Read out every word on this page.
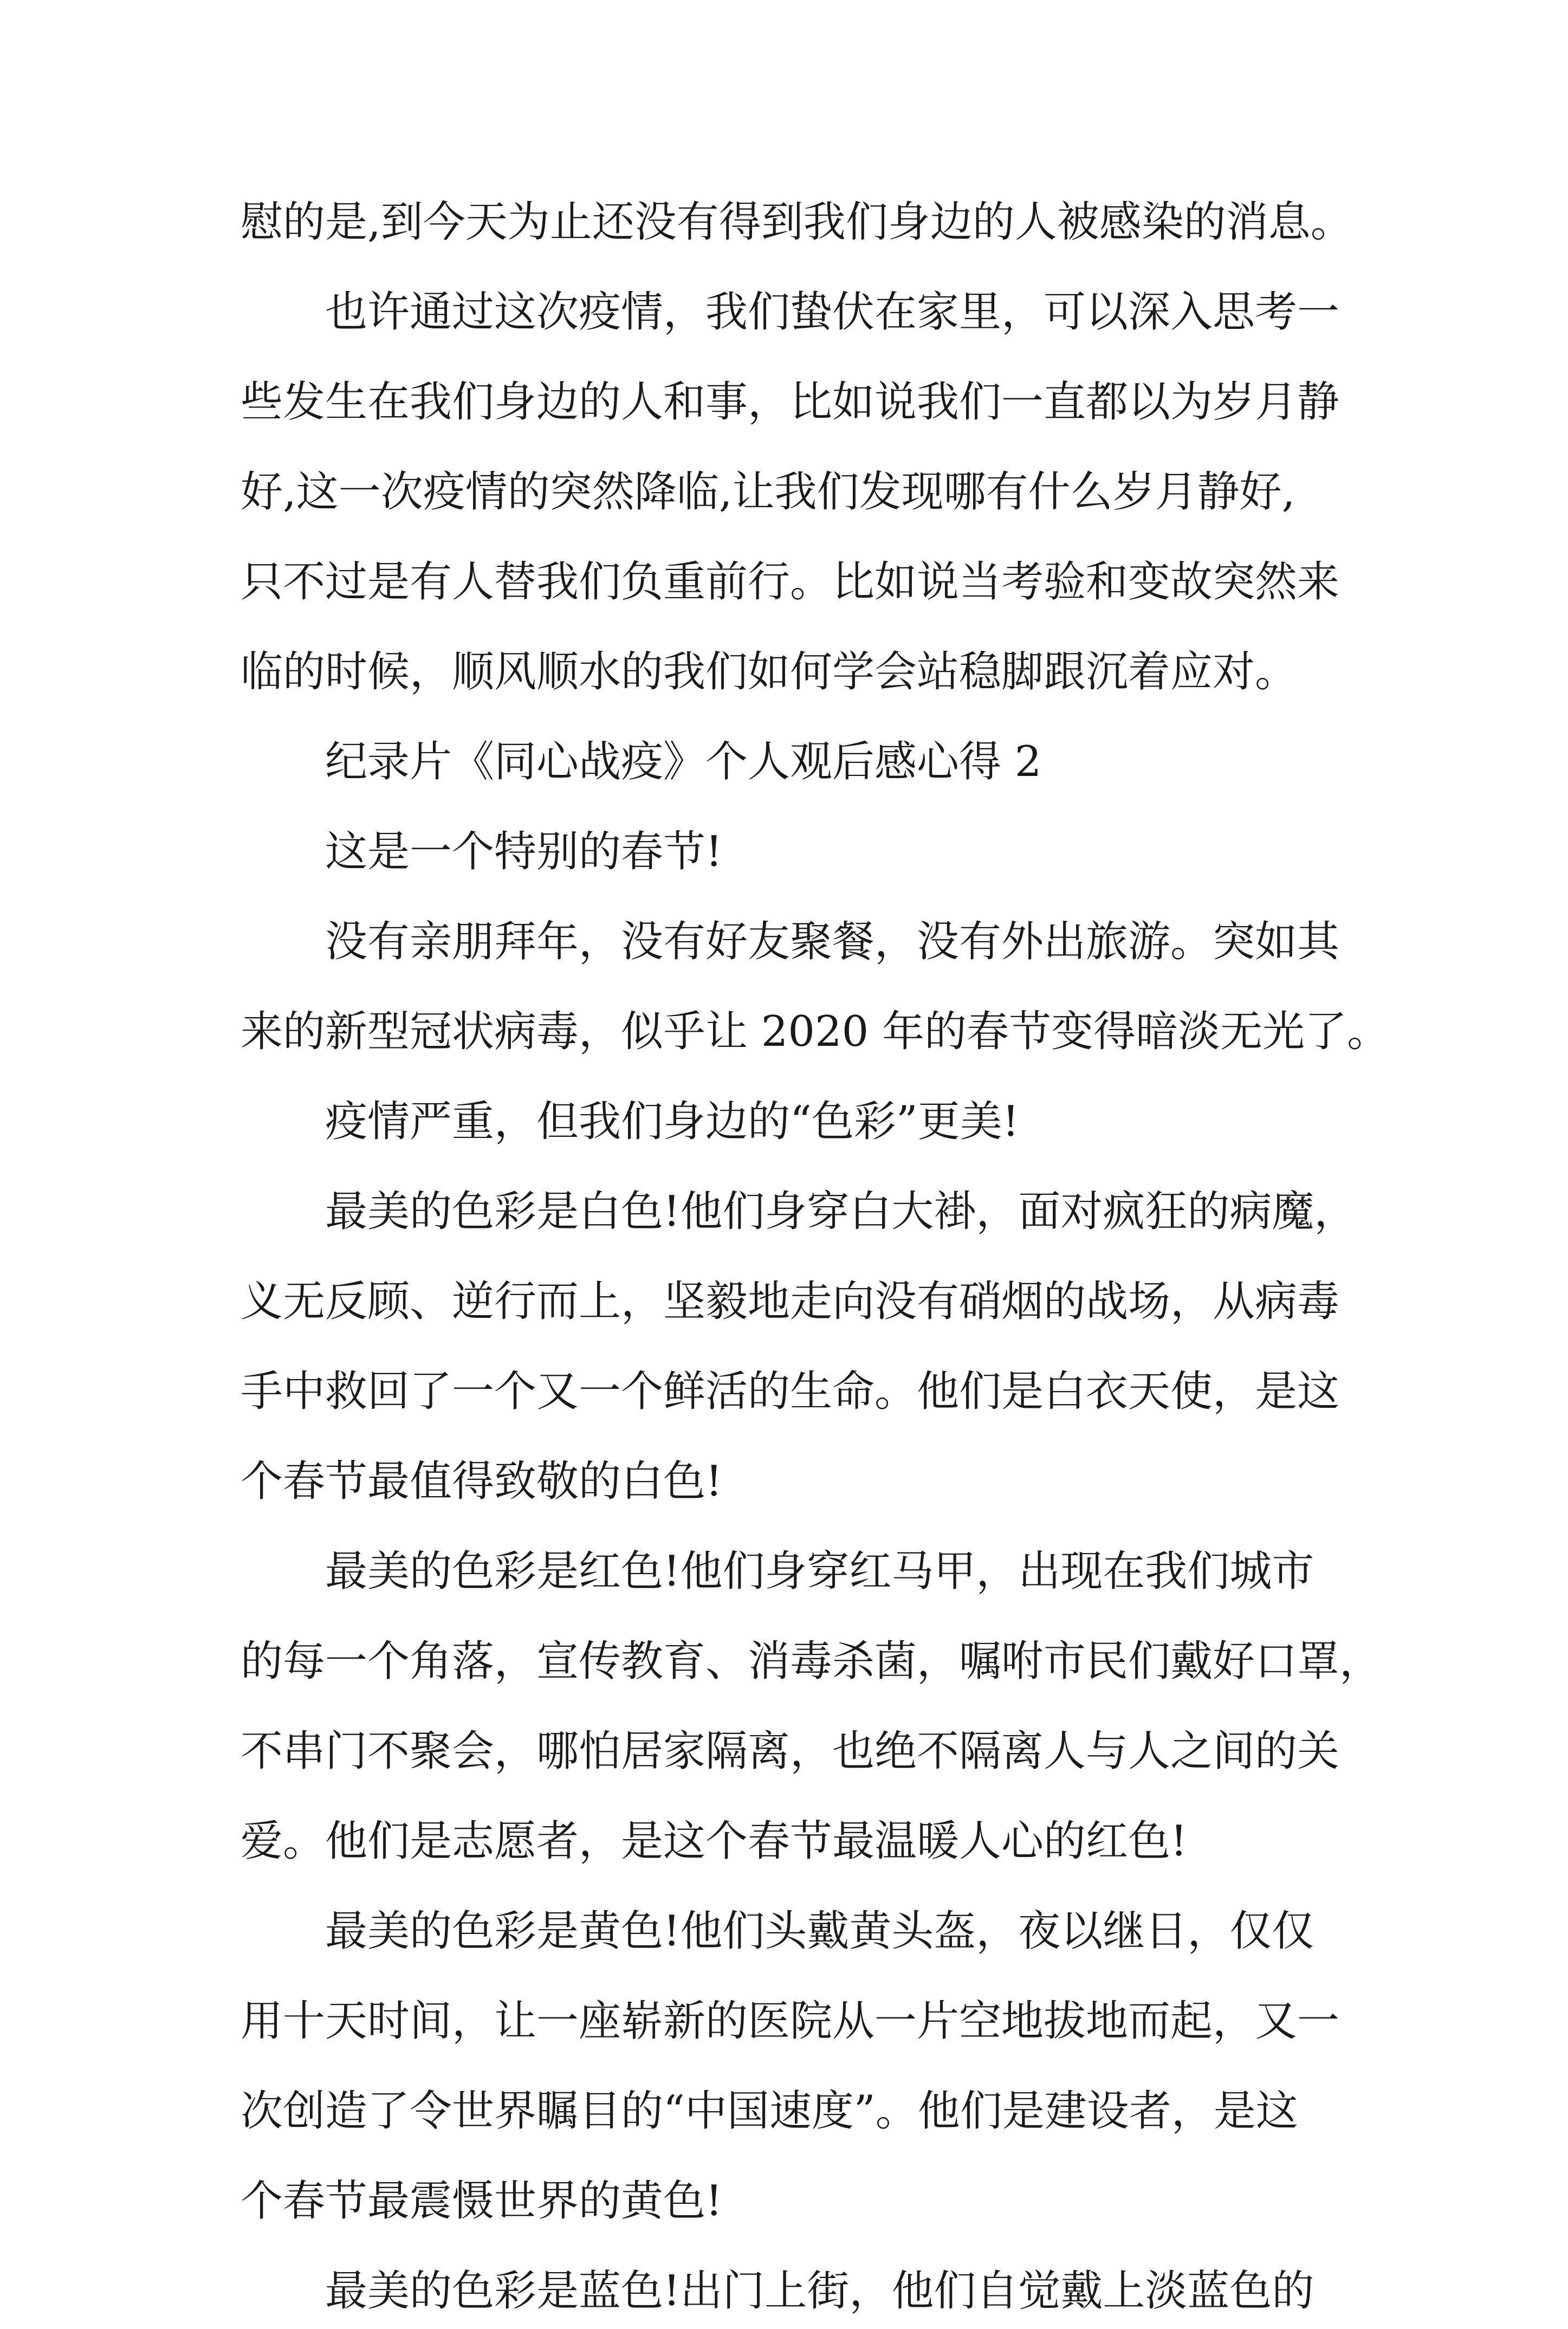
慰的是,到今天为止还没有得到我们身边的人被感染的消息。
也许通过这次疫情，我们蛰伏在家里，可以深入思考一
些发生在我们身边的人和事，比如说我们一直都以为岁月静
好,这一次疫情的突然降临,让我们发现哪有什么岁月静好,
只不过是有人替我们负重前行。比如说当考验和变故突然来
临的时候，顺风顺水的我们如何学会站稳脚跟沉着应对。
纪录片《同心战疫》个人观后感心得 2
这是一个特别的春节!
没有亲朋拜年，没有好友聚餐，没有外出旅游。突如其
来的新型冠状病毒，似乎让 2020 年的春节变得暗淡无光了。
疫情严重，但我们身边的“色彩”更美!
最美的色彩是白色!他们身穿白大褂，面对疯狂的病魔，
义无反顾、逆行而上，坚毅地走向没有硝烟的战场，从病毒
手中救回了一个又一个鲜活的生命。他们是白衣天使，是这
个春节最值得致敬的白色!
最美的色彩是红色!他们身穿红马甲，出现在我们城市
的每一个角落，宣传教育、消毒杀菌，嘱咐市民们戴好口罩，
不串门不聚会，哪怕居家隔离，也绝不隔离人与人之间的关
爱。他们是志愿者，是这个春节最温暖人心的红色!
最美的色彩是黄色!他们头戴黄头盔，夜以继日，仅仅
用十天时间，让一座崭新的医院从一片空地拔地而起，又一
次创造了令世界瞩目的“中国速度”。他们是建设者，是这
个春节最震慑世界的黄色!
最美的色彩是蓝色!出门上街，他们自觉戴上淡蓝色的
